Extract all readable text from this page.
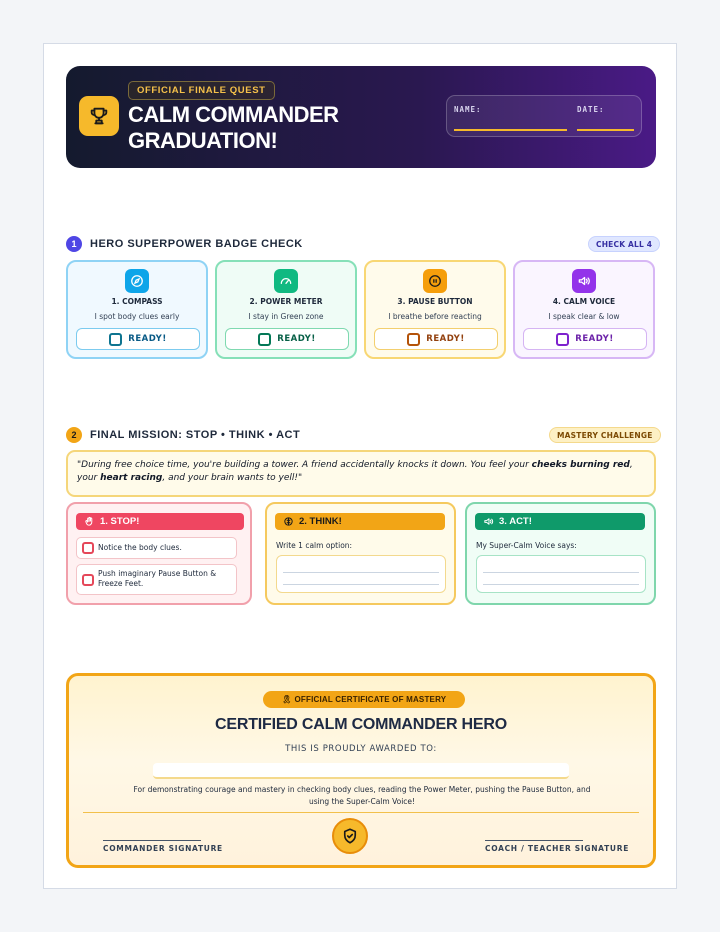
OFFICIAL FINALE QUEST
CALM COMMANDER GRADUATION!
NAME:	DATE:
1	HERO SUPERPOWER BADGE CHECK	CHECK ALL 4
1. COMPASS
I spot body clues early
READY!
2. POWER METER
I stay in Green zone
READY!
3. PAUSE BUTTON
I breathe before reacting
READY!
4. CALM VOICE
I speak clear & low
READY!
2	FINAL MISSION: STOP • THINK • ACT	MASTERY CHALLENGE
"During free choice time, you're building a tower. A friend accidentally knocks it down. You feel your cheeks burning red, your heart racing, and your brain wants to yell!"
1. STOP!
Notice the body clues.
Push imaginary Pause Button & Freeze Feet.
2. THINK!
Write 1 calm option:
3. ACT!
My Super-Calm Voice says:
🎗 OFFICIAL CERTIFICATE OF MASTERY
CERTIFIED CALM COMMANDER HERO
THIS IS PROUDLY AWARDED TO:
For demonstrating courage and mastery in checking body clues, reading the Power Meter, pushing the Pause Button, and using the Super-Calm Voice!
COMMANDER SIGNATURE	COACH / TEACHER SIGNATURE
